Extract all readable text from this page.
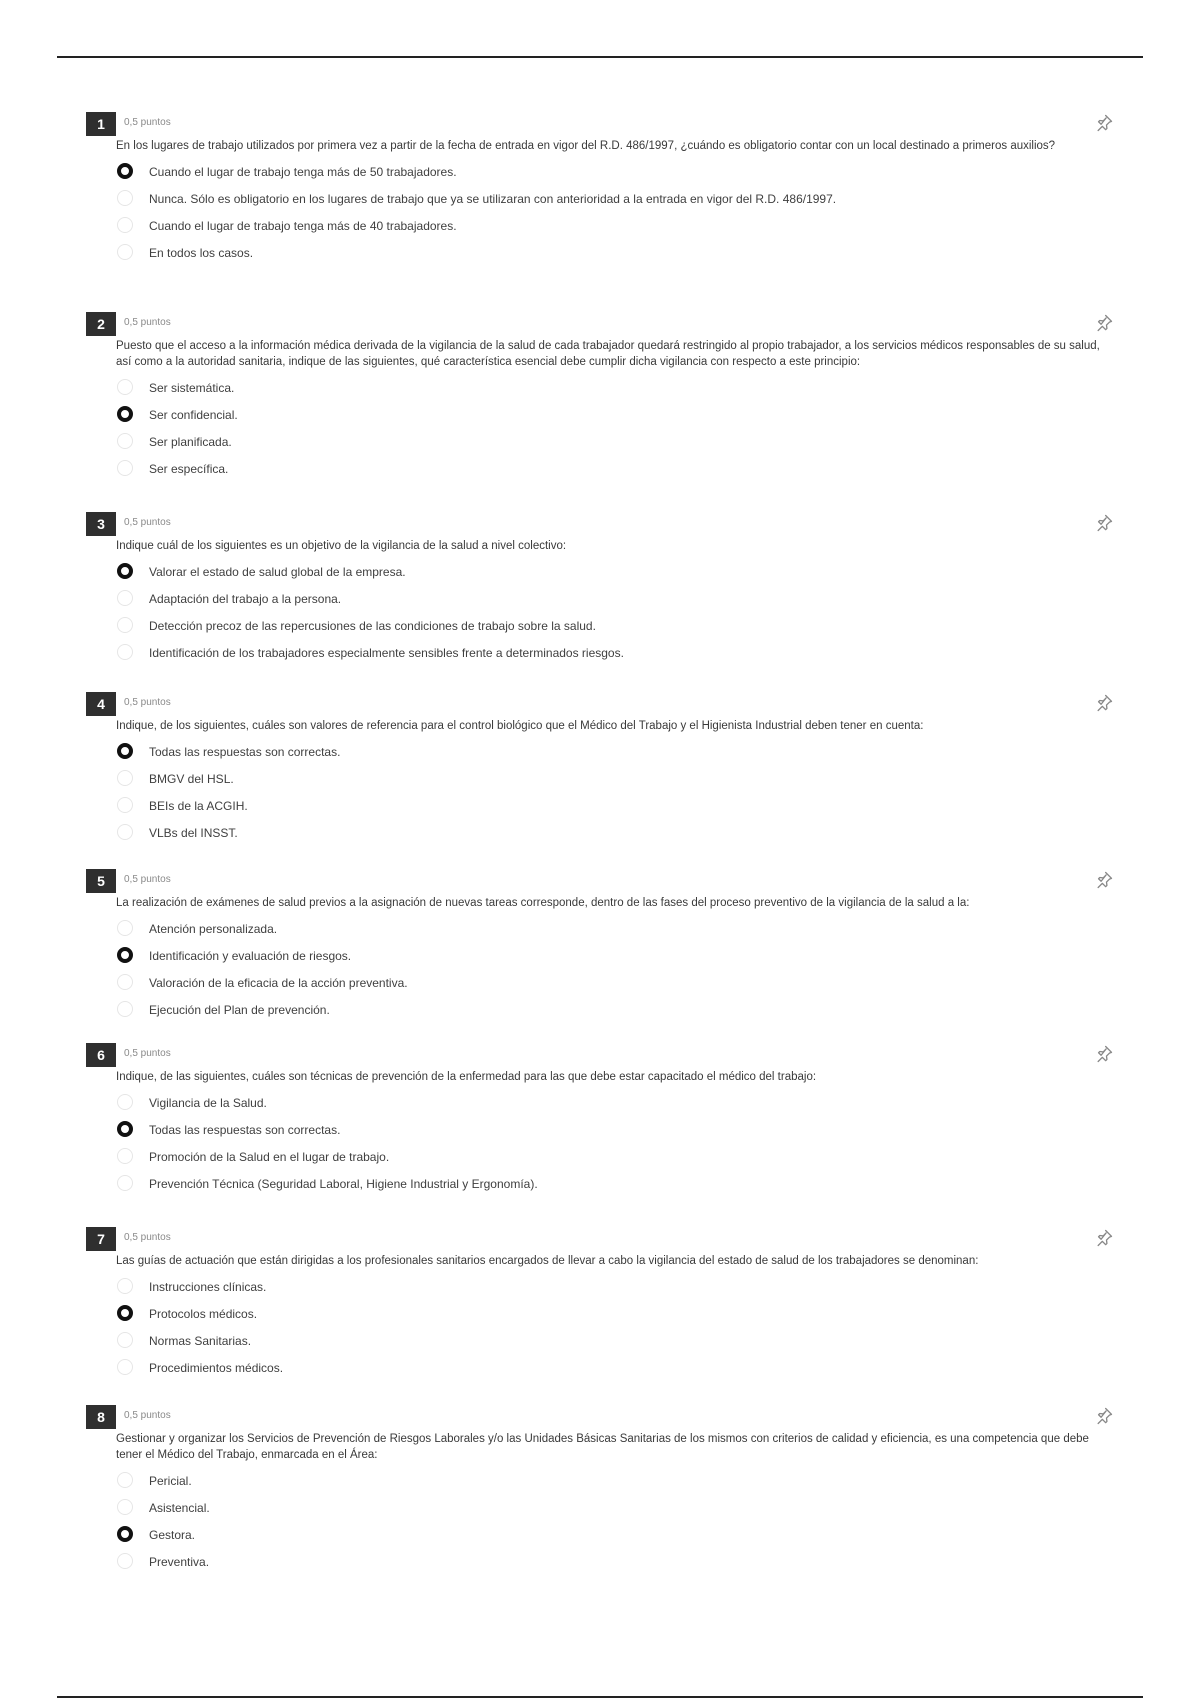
1	0,5 puntos
En los lugares de trabajo utilizados por primera vez a partir de la fecha de entrada en vigor del R.D. 486/1997, ¿cuándo es obligatorio contar con un local destinado a primeros auxilios?
Cuando el lugar de trabajo tenga más de 50 trabajadores.
Nunca. Sólo es obligatorio en los lugares de trabajo que ya se utilizaran con anterioridad a la entrada en vigor del R.D. 486/1997.
Cuando el lugar de trabajo tenga más de 40 trabajadores.
En todos los casos.
2	0,5 puntos
Puesto que el acceso a la información médica derivada de la vigilancia de la salud de cada trabajador quedará restringido al propio trabajador, a los servicios médicos responsables de su salud, así como a la autoridad sanitaria, indique de las siguientes, qué característica esencial debe cumplir dicha vigilancia con respecto a este principio:
Ser sistemática.
Ser confidencial.
Ser planificada.
Ser específica.
3	0,5 puntos
Indique cuál de los siguientes es un objetivo de la vigilancia de la salud a nivel colectivo:
Valorar el estado de salud global de la empresa.
Adaptación del trabajo a la persona.
Detección precoz de las repercusiones de las condiciones de trabajo sobre la salud.
Identificación de los trabajadores especialmente sensibles frente a determinados riesgos.
4	0,5 puntos
Indique, de los siguientes, cuáles son valores de referencia para el control biológico que el Médico del Trabajo y el Higienista Industrial deben tener en cuenta:
Todas las respuestas son correctas.
BMGV del HSL.
BEIs de la ACGIH.
VLBs del INSST.
5	0,5 puntos
La realización de exámenes de salud previos a la asignación de nuevas tareas corresponde, dentro de las fases del proceso preventivo de la vigilancia de la salud a la:
Atención personalizada.
Identificación y evaluación de riesgos.
Valoración de la eficacia de la acción preventiva.
Ejecución del Plan de prevención.
6	0,5 puntos
Indique, de las siguientes, cuáles son técnicas de prevención de la enfermedad para las que debe estar capacitado el médico del trabajo:
Vigilancia de la Salud.
Todas las respuestas son correctas.
Promoción de la Salud en el lugar de trabajo.
Prevención Técnica (Seguridad Laboral, Higiene Industrial y Ergonomía).
7	0,5 puntos
Las guías de actuación que están dirigidas a los profesionales sanitarios encargados de llevar a cabo la vigilancia del estado de salud de los trabajadores se denominan:
Instrucciones clínicas.
Protocolos médicos.
Normas Sanitarias.
Procedimientos médicos.
8	0,5 puntos
Gestionar y organizar los Servicios de Prevención de Riesgos Laborales y/o las Unidades Básicas Sanitarias de los mismos con criterios de calidad y eficiencia, es una competencia que debe tener el Médico del Trabajo, enmarcada en el Área:
Pericial.
Asistencial.
Gestora.
Preventiva.
